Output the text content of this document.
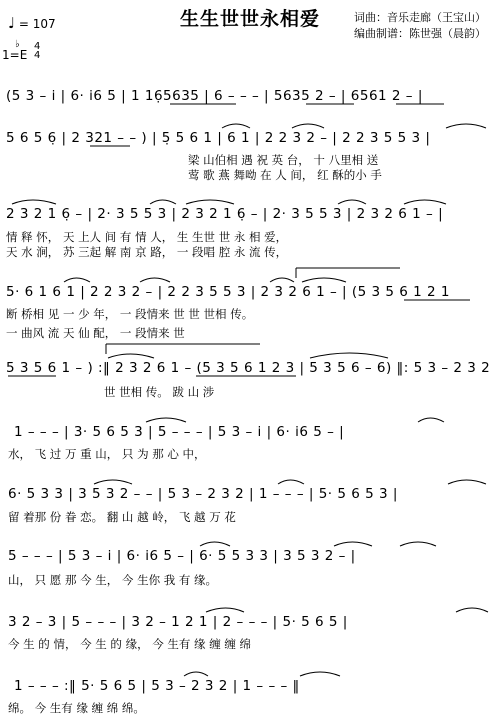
生生世世永相爱
♩ = 107	词曲：音乐走廊（王宝山）
编曲制谱：陈世强（晨韵）
1=E
♭ 4
4
(5 3 – i | 6· i6 5 | 1 16̣5635 | 6 – – – | 5635 2 – | 6561 2 – |
5 6 5 6̣ | 2 321 – – ) | 5̣ 5 6 1 | 6 1 | 2 2 3 2 – | 2 2 3 5 5 3 |
梁 山伯相 遇 祝 英 台， 十 八里相 送
莺 歌 燕 舞呦 在 人 间， 红 酥的小 手
2 3 2 1 6̣ – | 2· 3 5 5 3 | 2 3 2 1 6̣ – | 2· 3 5 5 3 | 2 3 2 6 1 – |
情 释 怀， 天 上人 间 有 情 人， 生 生世 世 永 相 爱，
天 水 涧， 苏 三起 解 南 京 路， 一 段唱 腔 永 流 传，
5· 6 1 6 1 | 2 2 3 2 – | 2 2 3 5 5 3 | 2 3 2 6 1 – | (5 3 5 6 1 2 1
断 桥相 见 一 少 年， 一 段情来 世 世 世相 传。
一 曲风 流 天 仙 配， 一 段情来 世
5 3 5 6 1 – ) :‖ 2 3 2 6 1 – (5 3 5 6 1 2 3 | 5 3 5 6 – 6) ‖: 5 3 – 2 3 2
世 世相 传。 跋 山 涉
1 – – – | 3· 5 6 5 3 | 5 – – – | 5 3 – i | 6· i6 5 – |
水， 飞 过 万 重 山， 只 为 那 心 中，
6· 5 3 3 | 3 5 3 2 – – | 5 3 – 2 3 2 | 1 – – – | 5· 5 6 5 3 |
留 着那 份 眷 恋。 翻 山 越 岭， 飞 越 万 花
5 – – – | 5 3 – i | 6· i6 5 – | 6· 5 5 3 3 | 3 5 3 2 – |
山， 只 愿 那 今 生， 今 生你 我 有 缘。
3 2 – 3 | 5 – – – | 3 2 – 1 2 1 | 2 – – – | 5· 5 6 5 |
今 生 的 情， 今 生 的 缘， 今 生有 缘 缠 缠 绵
1 – – – :‖ 5· 5 6 5 | 5 3 – 2 3 2 | 1 – – – ‖
绵。 今 生有 缘 缠 绵 绵。
